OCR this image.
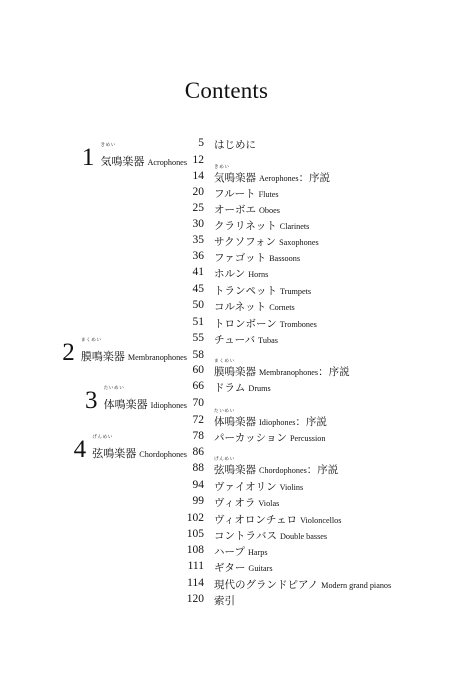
Contents
1 きめい
気鳴楽器 Acrophones 12
2 まくめい
膜鳴楽器 Membranophones 58
3 たいめい
体鳴楽器 Idiophones 70
4 げんめい
弦鳴楽器 Chordophones 86
5 はじめに
14
きめい
気鳴楽器 Aerophones：序説
20 フルート Flutes
25 オーボエ Oboes
30 クラリネット Clarinets
35 サクソフォン Saxophones
36 ファゴット Bassoons
41 ホルン Horns
45 トランペット Trumpets
50 コルネット Cornets
51 トロンボーン Trombones
55 チューバ Tubas
60
まくめい
膜鳴楽器 Membranophones：序説
66 ドラム Drums
72
たいめい
体鳴楽器 Idiophones：序説
78 パーカッション Percussion
88
げんめい
弦鳴楽器 Chordophones：序説
94 ヴァイオリン Violins
99 ヴィオラ Violas
102 ヴィオロンチェロ Violoncellos
105 コントラバス Double basses
108 ハープ Harps
111 ギター Guitars
114 現代のグランドピアノ Modern grand pianos
120 索引
